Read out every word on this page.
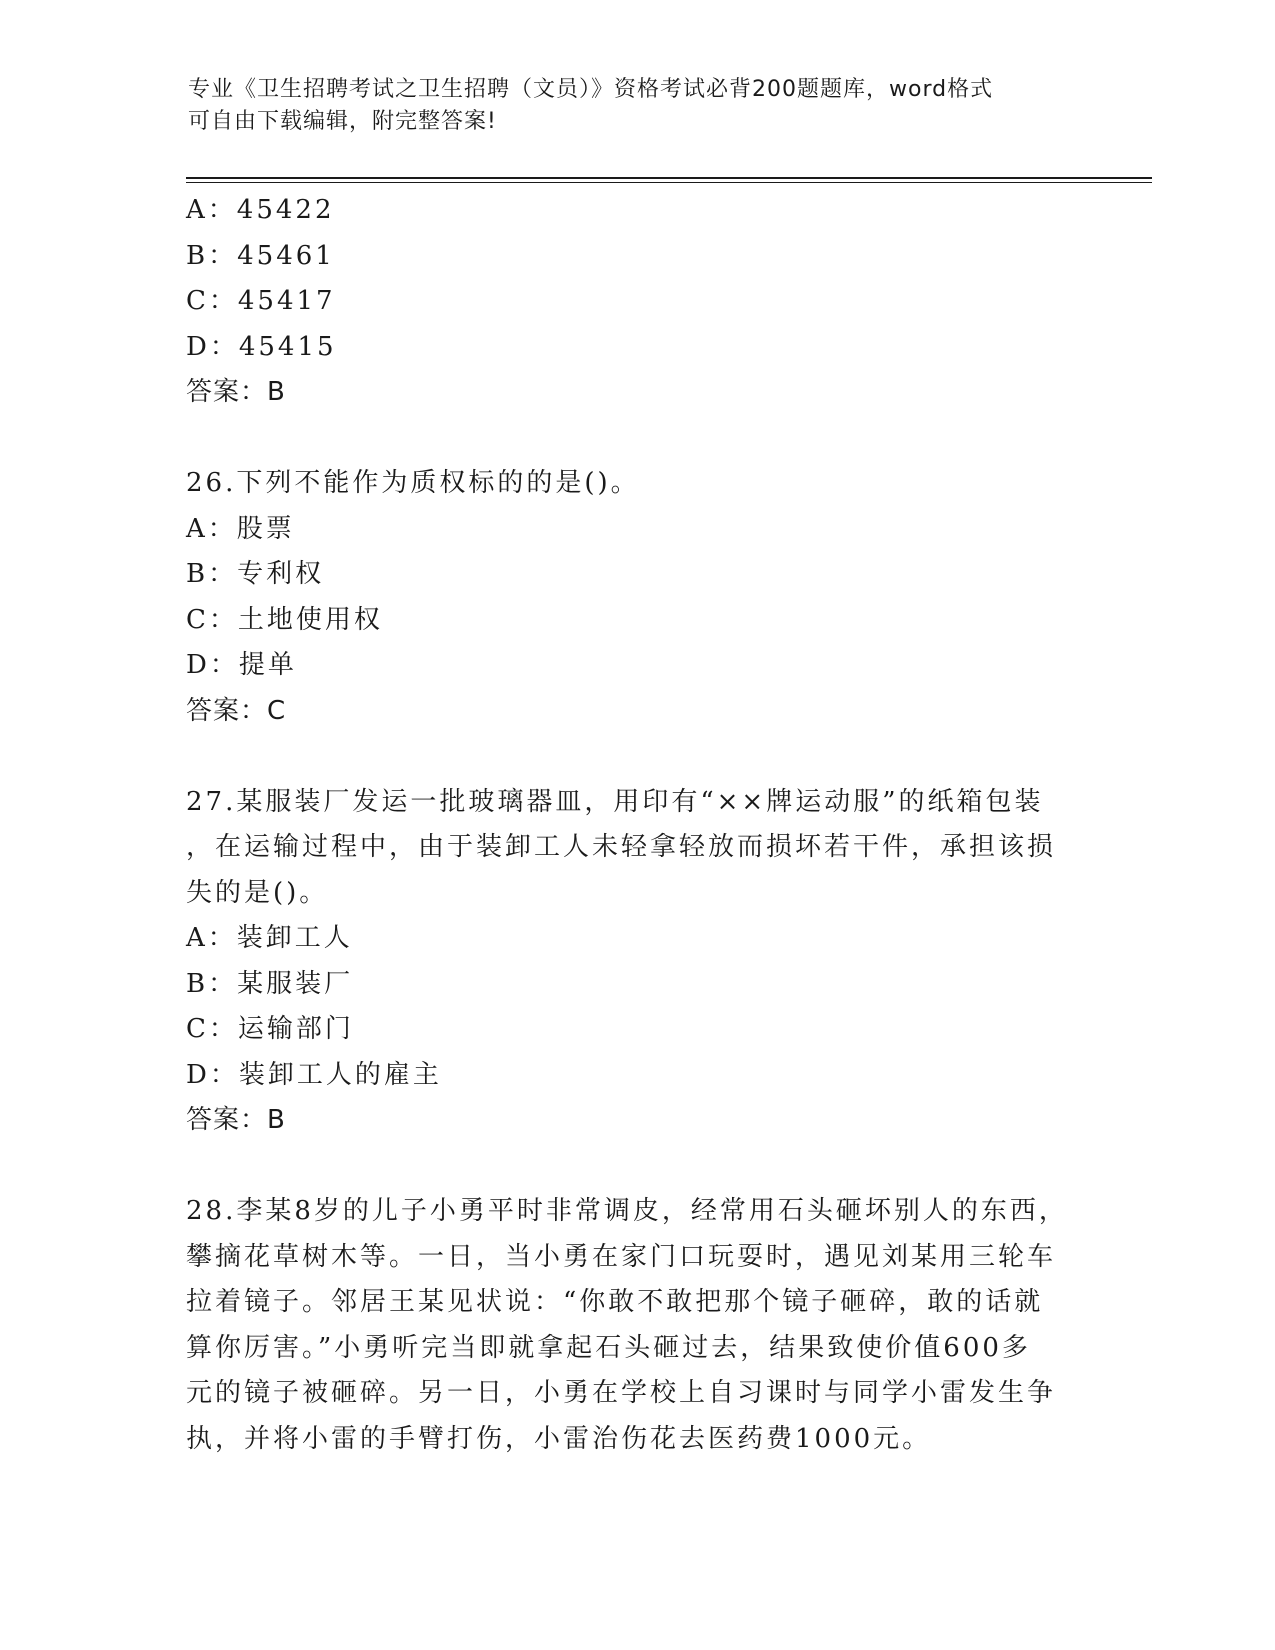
专业《卫生招聘考试之卫生招聘（文员）》资格考试必背200题题库，word格式
可自由下载编辑，附完整答案!
A：45422
B：45461
C：45417
D：45415
答案：B
26.下列不能作为质权标的的是()。
A：股票
B：专利权
C：土地使用权
D：提单
答案：C
27.某服装厂发运一批玻璃器皿，用印有“××牌运动服”的纸箱包装
，在运输过程中，由于装卸工人未轻拿轻放而损坏若干件，承担该损
失的是()。
A：装卸工人
B：某服装厂
C：运输部门
D：装卸工人的雇主
答案：B
28.李某8岁的儿子小勇平时非常调皮，经常用石头砸坏别人的东西，
攀摘花草树木等。一日，当小勇在家门口玩耍时，遇见刘某用三轮车
拉着镜子。邻居王某见状说：“你敢不敢把那个镜子砸碎，敢的话就
算你厉害。”小勇听完当即就拿起石头砸过去，结果致使价值600多
元的镜子被砸碎。另一日，小勇在学校上自习课时与同学小雷发生争
执，并将小雷的手臂打伤，小雷治伤花去医药费1000元。
